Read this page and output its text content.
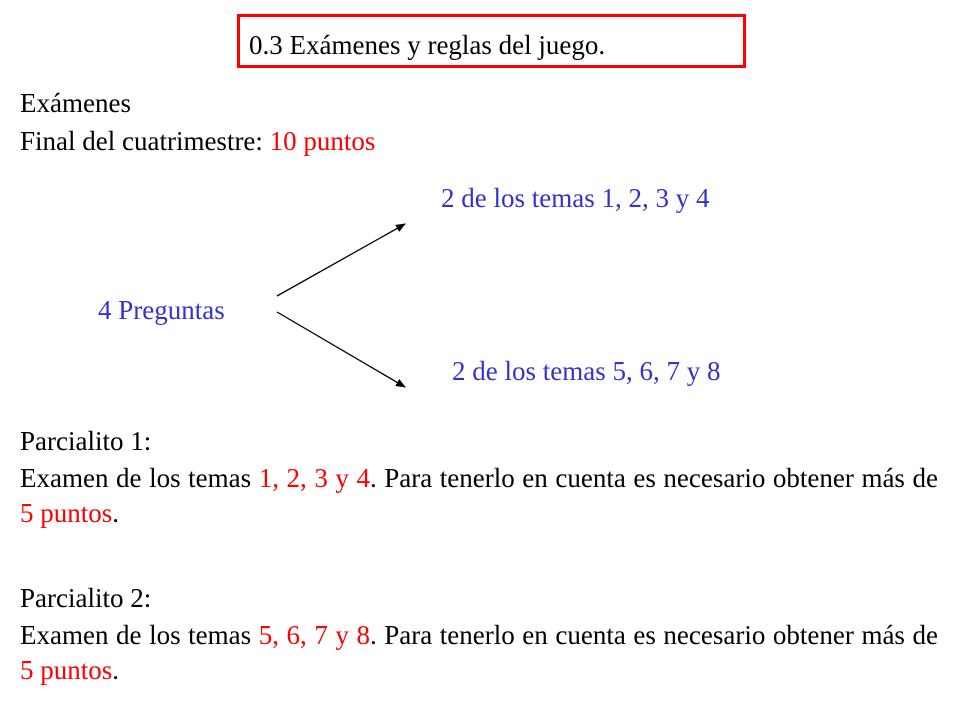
0.3 Exámenes y reglas del juego.
Exámenes
Final del cuatrimestre: 10 puntos
2 de los temas 1, 2, 3 y 4
4 Preguntas
2 de los temas 5, 6, 7 y 8
Parcialito 1:
Examen de los temas 1, 2, 3 y 4. Para tenerlo en cuenta es necesario obtener más de 5 puntos.
Parcialito 2:
Examen de los temas 5, 6, 7 y 8. Para tenerlo en cuenta es necesario obtener más de 5 puntos.
